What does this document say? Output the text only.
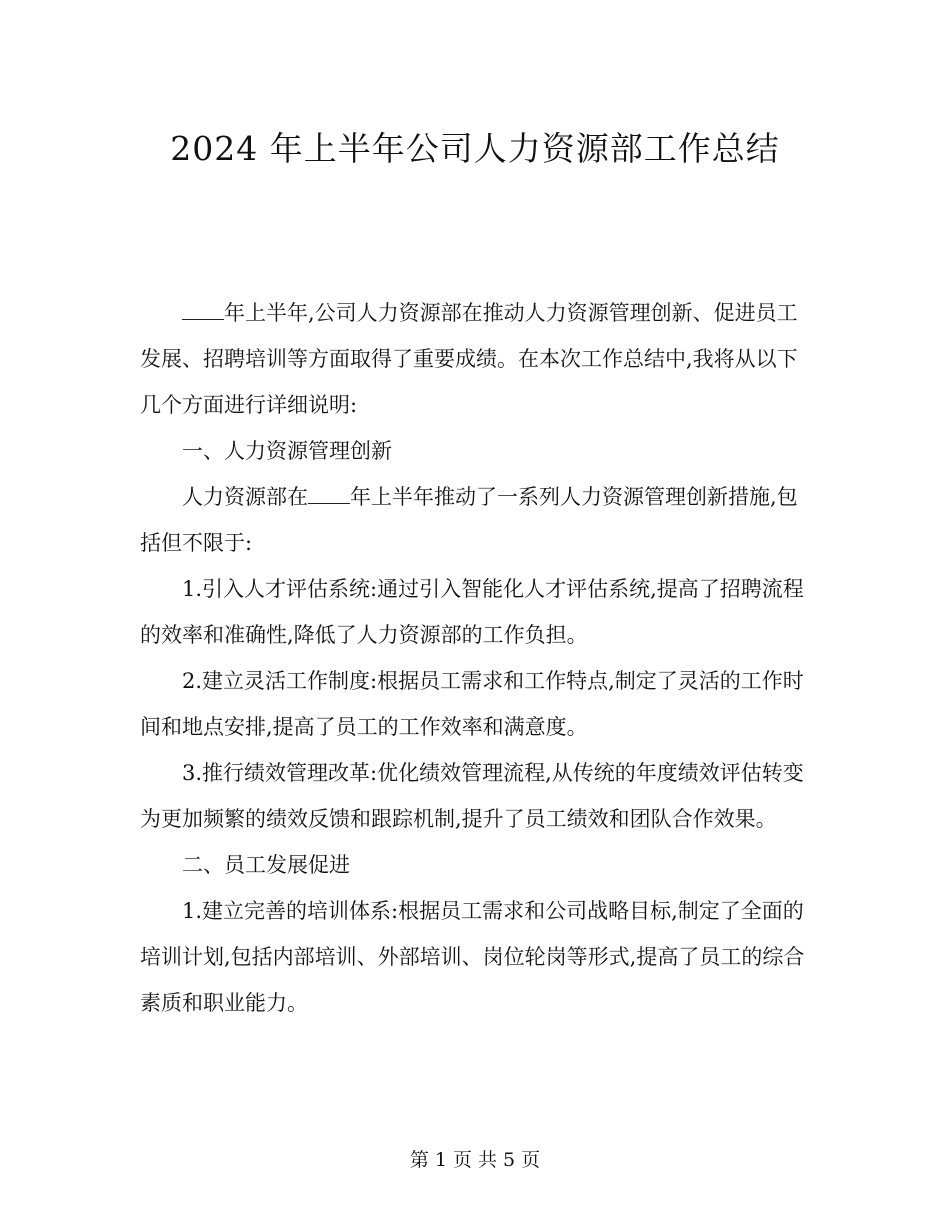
2024 年上半年公司人力资源部工作总结

年上半年,公司人力资源部在推动人力资源管理创新、促进员工发展、招聘培训等方面取得了重要成绩。在本次工作总结中,我将从以下几个方面进行详细说明:

一、人力资源管理创新

人力资源部在 年上半年推动了一系列人力资源管理创新措施,包括但不限于:

1.引入人才评估系统:通过引入智能化人才评估系统,提高了招聘流程的效率和准确性,降低了人力资源部的工作负担。

2.建立灵活工作制度:根据员工需求和工作特点,制定了灵活的工作时间和地点安排,提高了员工的工作效率和满意度。

3.推行绩效管理改革:优化绩效管理流程,从传统的年度绩效评估转变为更加频繁的绩效反馈和跟踪机制,提升了员工绩效和团队合作效果。

二、员工发展促进

1.建立完善的培训体系:根据员工需求和公司战略目标,制定了全面的培训计划,包括内部培训、外部培训、岗位轮岗等形式,提高了员工的综合素质和职业能力。

第 1 页 共 5 页
